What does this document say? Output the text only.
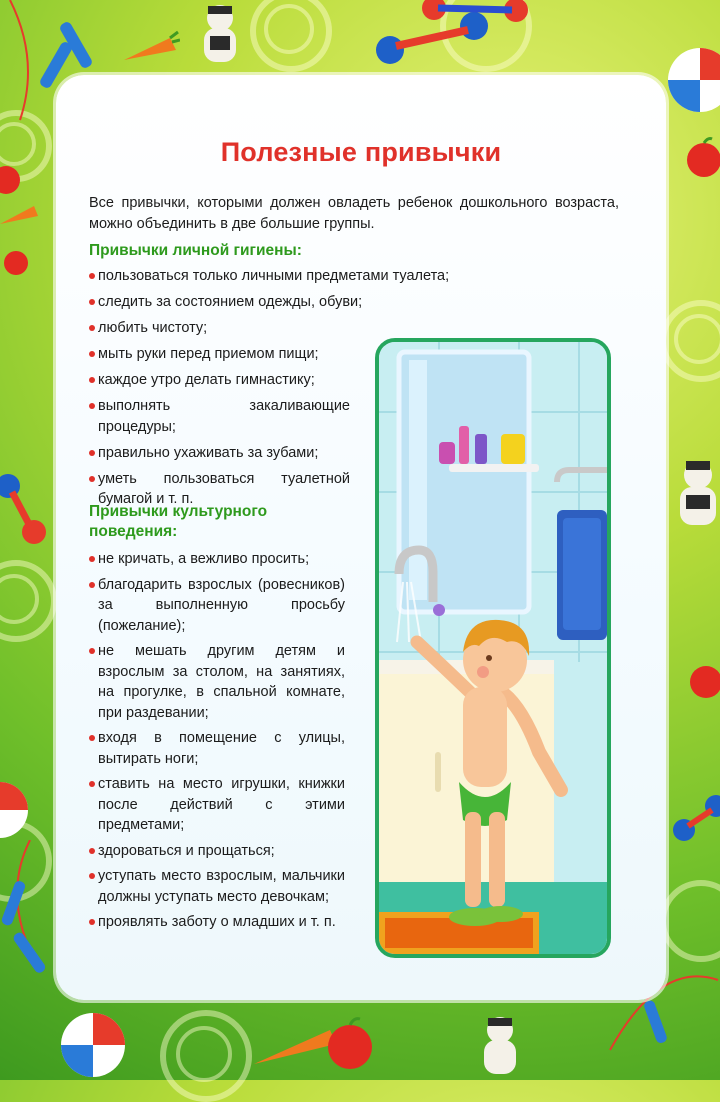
Полезные привычки
Все привычки, которыми должен овладеть ребенок дошкольного возраста, можно объединить в две большие группы.
Привычки личной гигиены:
пользоваться только личными предметами туалета;
следить за состоянием одежды, обуви;
любить чистоту;
мыть руки перед приемом пищи;
каждое утро делать гимнастику;
выполнять закаливающие процедуры;
правильно ухаживать за зубами;
уметь пользоваться туалетной бумагой и т. п.
Привычки культурного поведения:
не кричать, а вежливо просить;
благодарить взрослых (ровесников) за выполненную просьбу (пожелание);
не мешать другим детям и взрослым за столом, на занятиях, на прогулке, в спальной комнате, при раздевании;
входя в помещение с улицы, вытирать ноги;
ставить на место игрушки, книжки после действий с этими предметами;
здороваться и прощаться;
уступать место взрослым, мальчики должны уступать место девочкам;
проявлять заботу о младших и т. п.
